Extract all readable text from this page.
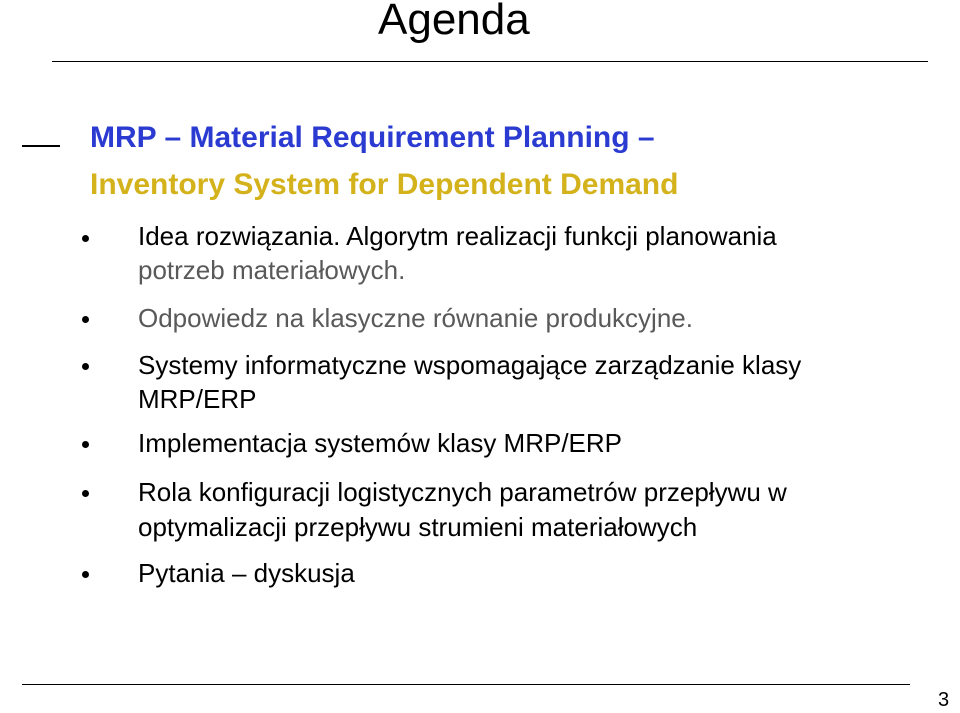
Agenda
MRP – Material Requirement Planning –
Inventory System for Dependent Demand
Idea rozwiązania. Algorytm realizacji funkcji planowania
potrzeb materiałowych.
Odpowiedz na klasyczne równanie produkcyjne.
Systemy informatyczne wspomagające zarządzanie klasy
MRP/ERP
Implementacja systemów klasy MRP/ERP
Rola konfiguracji logistycznych parametrów przepływu w
optymalizacji przepływu strumieni materiałowych
Pytania – dyskusja
3
